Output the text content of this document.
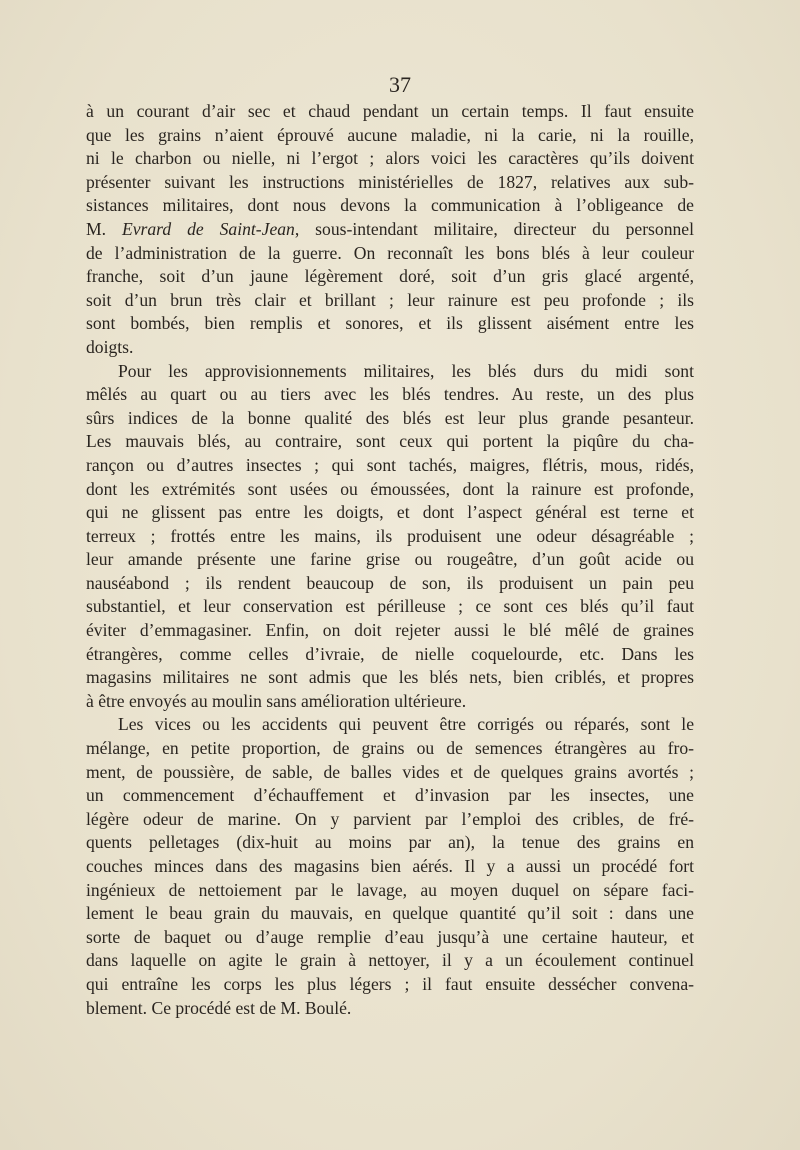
37
à un courant d’air sec et chaud pendant un certain temps. Il faut ensuite
que les grains n’aient éprouvé aucune maladie, ni la carie, ni la rouille,
ni le charbon ou nielle, ni l’ergot ; alors voici les caractères qu’ils doivent
présenter suivant les instructions ministérielles de 1827, relatives aux sub-
sistances militaires, dont nous devons la communication à l’obligeance de
M. Evrard de Saint-Jean, sous-intendant militaire, directeur du personnel
de l’administration de la guerre. On reconnaît les bons blés à leur couleur
franche, soit d’un jaune légèrement doré, soit d’un gris glacé argenté,
soit d’un brun très clair et brillant ; leur rainure est peu profonde ; ils
sont bombés, bien remplis et sonores, et ils glissent aisément entre les
doigts.
Pour les approvisionnements militaires, les blés durs du midi sont
mêlés au quart ou au tiers avec les blés tendres. Au reste, un des plus
sûrs indices de la bonne qualité des blés est leur plus grande pesanteur.
Les mauvais blés, au contraire, sont ceux qui portent la piqûre du cha-
rançon ou d’autres insectes ; qui sont tachés, maigres, flétris, mous, ridés,
dont les extrémités sont usées ou émoussées, dont la rainure est profonde,
qui ne glissent pas entre les doigts, et dont l’aspect général est terne et
terreux ; frottés entre les mains, ils produisent une odeur désagréable ;
leur amande présente une farine grise ou rougeâtre, d’un goût acide ou
nauséabond ; ils rendent beaucoup de son, ils produisent un pain peu
substantiel, et leur conservation est périlleuse ; ce sont ces blés qu’il faut
éviter d’emmagasiner. Enfin, on doit rejeter aussi le blé mêlé de graines
étrangères, comme celles d’ivraie, de nielle coquelourde, etc. Dans les
magasins militaires ne sont admis que les blés nets, bien criblés, et propres
à être envoyés au moulin sans amélioration ultérieure.
Les vices ou les accidents qui peuvent être corrigés ou réparés, sont le
mélange, en petite proportion, de grains ou de semences étrangères au fro-
ment, de poussière, de sable, de balles vides et de quelques grains avortés ;
un commencement d’échauffement et d’invasion par les insectes, une
légère odeur de marine. On y parvient par l’emploi des cribles, de fré-
quents pelletages (dix-huit au moins par an), la tenue des grains en
couches minces dans des magasins bien aérés. Il y a aussi un procédé fort
ingénieux de nettoiement par le lavage, au moyen duquel on sépare faci-
lement le beau grain du mauvais, en quelque quantité qu’il soit : dans une
sorte de baquet ou d’auge remplie d’eau jusqu’à une certaine hauteur, et
dans laquelle on agite le grain à nettoyer, il y a un écoulement continuel
qui entraîne les corps les plus légers ; il faut ensuite dessécher convena-
blement. Ce procédé est de M. Boulé.
